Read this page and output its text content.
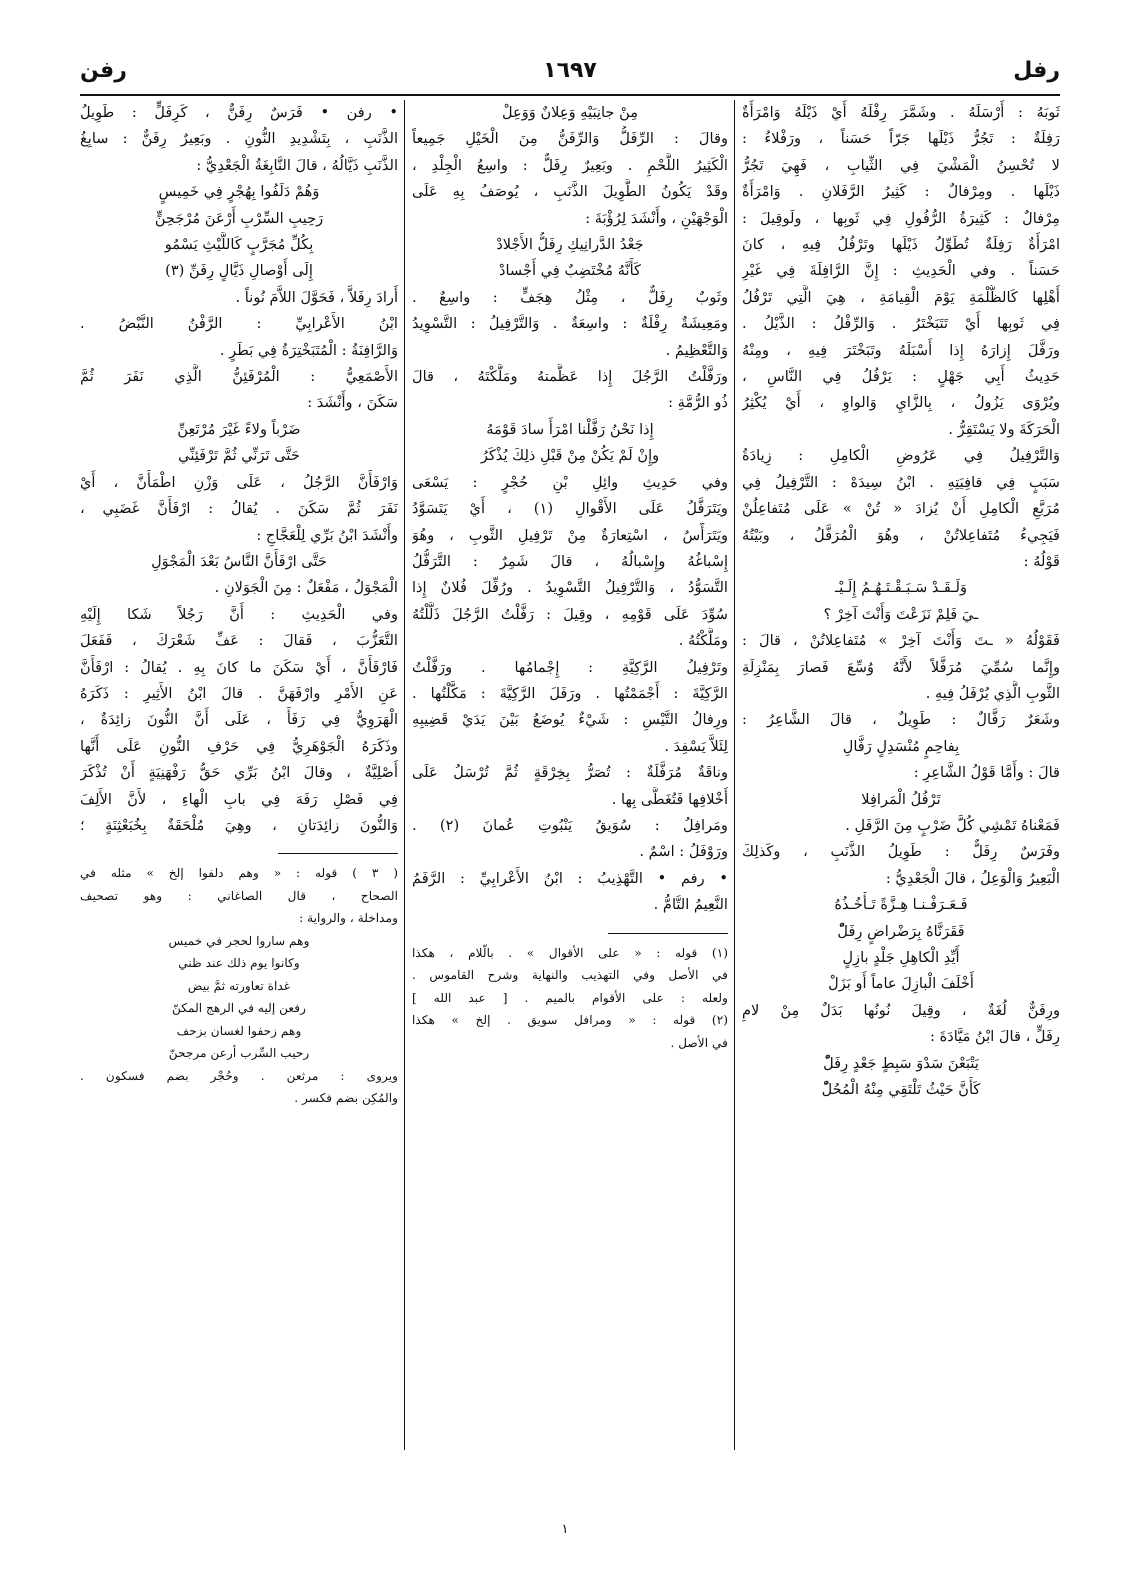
رفل
١٦٩٧
رفن
ثَوبَهُ : أَرْسَلَهُ . وشَمَّرَ رِفْلَهُ أَيْ ذَيْلَهُ وَامْرَأَةٌ
رَفِلَةٌ : تَجُرُّ ذَيْلَها جَرّاً حَسَناً ، ورَفْلاءُ :
لا تُحْسِنُ الْمَشْيَ فِي الثِّيابِ ، فَهِيَ تَجُرُّ
ذَيْلَها . ومِرْفالٌ : كَثِيرُ الرَّفَلانِ . وَامْرَأَةٌ
مِرْفالٌ : كَثِيرَةُ الرُّفُولِ فِي ثَوبِها ، ولَوقِيلَ :
امْرَأَةٌ رَفِلَةٌ تُطَوِّلُ ذَيْلَها وتَرْفُلُ فِيهِ ، كانَ
حَسَناً . وفي الْحَدِيثِ : إِنَّ الرَّافِلَةَ فِي غَيْرِ
أَهْلِها كَالظُّلْمَةِ يَوْمَ الْقِيامَةِ ، هِيَ الَّتِي تَرْفُلُ
فِي ثَوبِها أَيْ تَتَبَخْتَرُ . وَالرِّفْلُ : الذَّيْلُ .
ورَفَّلَ إِزارَهُ إِذا أَسْبَلَهُ وتَبَخْتَرَ فِيهِ ، ومِنْهُ
حَدِيثُ أَبِي جَهْلٍ : يَرْفُلُ فِي النَّاسِ ،
ويُرْوَى يَزُولُ ، بِالزَّايِ وَالواوِ ، أَيْ يُكْثِرُ
الْحَرَكَةَ ولا يَسْتَقِرُّ .
وَالتَّرْفِيلُ فِي عَرُوضِ الْكامِلِ : زِيادَةُ
سَبَبٍ فِي قافِيَتِهِ . ابْنُ سِيدَهْ : التَّرْفِيلُ فِي
مُرَبَّعِ الْكامِلِ أَنْ يُزادَ « تُنْ » عَلَى مُتَفاعِلُنْ
فَيَجِيءُ مُتَفاعِلاتُنْ ، وهُوَ الْمُرَفَّلُ ، وبَيْتُهُ
قَوْلُهُ :
وَلَـقَـدْ سَـبَـقْـتَـهُـمُ إِلَـيْـ
ـيَ فَلِمْ نَزَعْتَ وَأَنْتَ آخِرْ ؟
فَقَوْلُهُ « ـتَ وَأَنْتَ آخِرْ » مُتَفاعِلاتُنْ ، قالَ :
وإِنَّما سُمِّيَ مُرَفَّلاً لأَنَّهُ وُسِّعَ فَصارَ بِمَنْزِلَةِ
الثَّوبِ الَّذِي يُرْفَلُ فِيهِ .
وشَعَرٌ رَفَّالٌ : طَوِيلٌ ، قالَ الشَّاعِرُ :
بِفاحِمٍ مُنْسَدِلٍ رَفَّالِ
قالَ : وأَمَّا قَوْلُ الشَّاعِرِ :
تَرْفُلُ الْمَرافِلا
فَمَعْناهُ تَمْشِي كُلَّ ضَرْبٍ مِنَ الرَّفَلِ .
وفَرَسٌ رِفَلٌّ : طَوِيلُ الذَّنَبِ ، وكَذلِكَ
الْبَعِيرُ وَالْوَعِلُ ، قالَ الْجَعْدِيُّ :
فَـعَـرَفْـنـا هِـزَّةً تَـأْخُـذُهُ
فَقَرَنَّاهُ بِرَضْراضٍ رِفَلّْ
أَيِّدِ الْكاهِلِ جَلْدٍ بازِلٍ
أَخْلَفَ الْبازِلَ عاماً أَو بَزَلْ
ورِفَنٌّ لُغَةٌ ، وقِيلَ نُونُها بَدَلٌ مِنْ لامِ
رِفَلٍّ ، قالَ ابْنُ مَيَّادَةَ :
يَتْبَعْنَ سَدْوَ سَبِطٍ جَعْدٍ رِفَلّْ
كَأَنَّ حَيْثُ تَلْتَقِي مِنْهُ الْمُحُلّْ
مِنْ جانِبَيْهِ وَعِلانٌ وَوَعِلْ
وقالَ : الرِّفَلُّ وَالرِّفَنُّ مِنَ الْخَيْلِ جَمِيعاً
الْكَثِيرُ اللَّحْمِ . وبَعِيرٌ رِفَلٌّ : واسِعُ الْجِلْدِ ،
وقَدْ يَكُونُ الطَّوِيلَ الذَّنَبِ ، يُوصَفُ بِهِ عَلَى
الْوَجْهَيْنِ ، وأَنْشَدَ لِرُؤْبَةَ :
جَعْدُ الدَّرانِيكِ رِفَلُّ الأَجْلادْ
كَأَنَّهُ مُخْتَضِبٌ فِي أَجْسادْ
وثَوبٌ رِفَلٌّ ، مِثْلُ هِجَفٍّ : واسِعٌ .
ومَعِيشَةٌ رِفْلَةٌ : واسِعَةٌ . وَالتَّرْفِيلُ : التَّسْوِيدُ
وَالتَّعْظِيمُ .
ورَفَّلْتُ الرَّجُلَ إِذا عَظَّمتهُ ومَلَّكْتَهُ ، قالَ
ذُو الرُّمَّةِ :
إِذا نَحْنُ رَفَّلْنا امْرَأً سادَ قَوْمَهُ
وإِنْ لَمْ يَكُنْ مِنْ قَبْلِ ذلِكَ يُذْكَرُ
وفي حَدِيثِ وائِلِ بْنِ حُجْرٍ : يَسْعَى
ويَتَرَفَّلُ عَلَى الأَقْوالِ (١) ، أَيْ يَتَسَوَّدُ
ويَتَرَأَّسُ ، اسْتِعارَةٌ مِنْ تَرْفِيلِ الثَّوبِ ، وهُوَ
إِسْباغُهُ وإِسْبالُهُ ، قالَ شَمِرٌ : التَّرَفُّلُ
التَّسَوُّدُ ، وَالتَّرْفِيلُ التَّسْوِيدُ . ورُفِّلَ فُلانٌ إِذا
سُوِّدَ عَلَى قَوْمِهِ ، وقِيلَ : رَفَّلْتُ الرَّجُلَ ذَلَّلْتُهُ
ومَلَّكْتُهُ .
وتَرْفِيلُ الرَّكِيَّةِ : إِجْمامُها . ورَفَّلْتُ
الرَّكِيَّةَ : أَجْمَمْتُها . ورَفَلَ الرَّكِيَّةَ : مَكَّلْتُها .
ورِفالُ التَّيْسِ : شَيْءٌ يُوضَعُ بَيْنَ يَدَيْ قَضِيبِهِ
لِئَلاَّ يَسْفِدَ .
وناقَةٌ مُرَفَّلَةٌ : تُصَرُّ بِخِرْقَةٍ ثُمَّ تُرْسَلُ عَلَى
أَخْلافِها فَتُغَطَّى بِها .
ومَرافِلُ : سُوَيقُ يَنْبُوتِ عُمانَ (٢) .
ورَوْفَلُ : اسْمٌ .
• رفم • التَّهْذِيبُ : ابْنُ الأَعْرابِيِّ : الرَّفَمُ
النَّعِيمُ التَّامُّ .
(١) قوله : « على الأقوال » . بالّلام ، هكذا
في الأصل وفي التهذيب والنهاية وشرح القاموس .
ولعله : على الأقوام بالميم . [ عبد الله ]
(٢) قوله : « ومرافل سويق . إلخ » هكذا
في الأصل .
• رفن • فَرَسٌ رِفَنٌّ ، كَرِفَلٍّ : طَوِيلُ
الذَّنَبِ ، بِتَشْدِيدِ النُّونِ . وبَعِيرٌ رِفَنٌّ : سابِغُ
الذَّنَبِ ذَيَّالُهُ ، قالَ النَّابِغَةُ الْجَعْدِيُّ :
وَهُمْ دَلَفُوا بِهُجْرٍ فِي خَمِيسٍ
رَحِيبِ السِّرْبِ أَرْعَنَ مُرْجَحِنٍّ
بِكُلِّ مُجَرَّبٍ كَاللَّيْثِ يَسْمُو
إِلَى أَوْصالِ ذَيَّالٍ رِفَنِّ (٣)
أَرادَ رِفَلاًّ ، فَحَوَّلَ اللاَّمَ نُوناً .
ابْنُ الأَعْرابِيِّ : الرَّفْنُ النَّبْضُ .
وَالرَّافِنَةُ : الْمُتَبَخْتِرَةُ فِي بَطَرٍ .
الأَصْمَعِيُّ : الْمُرْفَئِنُّ الَّذِي نَفَرَ ثُمَّ
سَكَنَ ، وأَنْشَدَ :
ضَرْباً ولاءً غَيْرَ مُرْتَعِنِّ
حَتَّى تَرَنِّي ثُمَّ تَرْفَئِنِّي
وَارْفَأَنَّ الرَّجُلُ ، عَلَى وَزْنِ اطْمَأَنَّ ، أَيْ
نَفَرَ ثُمَّ سَكَنَ . يُقالُ : ارْفَأَنَّ غَضَبِي ،
وأَنْشَدَ ابْنُ بَرِّي لِلْعَجَّاجِ :
حَتَّى ارْفَأَنَّ النَّاسُ بَعْدَ الْمَجْوَلِ
الْمَجْوَلُ ، مَفْعَلٌ : مِنَ الْجَوَلانِ .
وفي الْحَدِيثِ : أَنَّ رَجُلاً شَكا إِلَيْهِ
التَّعَزُّبَ ، فَقالَ : عَفِّ شَعْرَكَ ، فَفَعَلَ
فَارْفَأَنَّ ، أَيْ سَكَنَ ما كانَ بِهِ . يُقالُ : ارْفَأَنَّ
عَنِ الأَمْرِ وارْفَهَنَّ . قالَ ابْنُ الأَثِيرِ : ذَكَرَهُ
الْهَرَوِيُّ فِي رَفَأَ ، عَلَى أَنَّ النُّونَ زائِدَةٌ ،
وذَكَرَهُ الْجَوْهَرِيُّ فِي حَرْفِ النُّونِ عَلَى أَنَّها
أَصْلِيَّةٌ ، وقالَ ابْنُ بَرِّي حَقُّ رَفْهَنِيَةٍ أَنْ تُذْكَرَ
فِي فَصْلِ رَفَهَ فِي بابِ الْهاءِ ، لأَنَّ الأَلِفَ
وَالنُّونَ زائِدَتانِ ، وهِيَ مُلْحَقَةٌ بِخُبَعْثِنَةٍ ؛
( ٣ ) قوله : « وهم دلفوا إلخ » مثله في
الصحاح ، قال الصاغاني : وهو تصحيف
ومداخلة ، والرواية :
وهم ساروا لحجر في خميس
وكانوا يوم ذلك عند ظني
غداة تعاورته ثمَّ بيض
رفعن إليه في الرهج المكنّ
وهم زحفوا لغسان بزحف
رحيب السِّرب أرعن مرجحنّ
ويروى : مرثعن . وحُجْر بضم فسكون .
والمُكِن بضم فكسر .
١
